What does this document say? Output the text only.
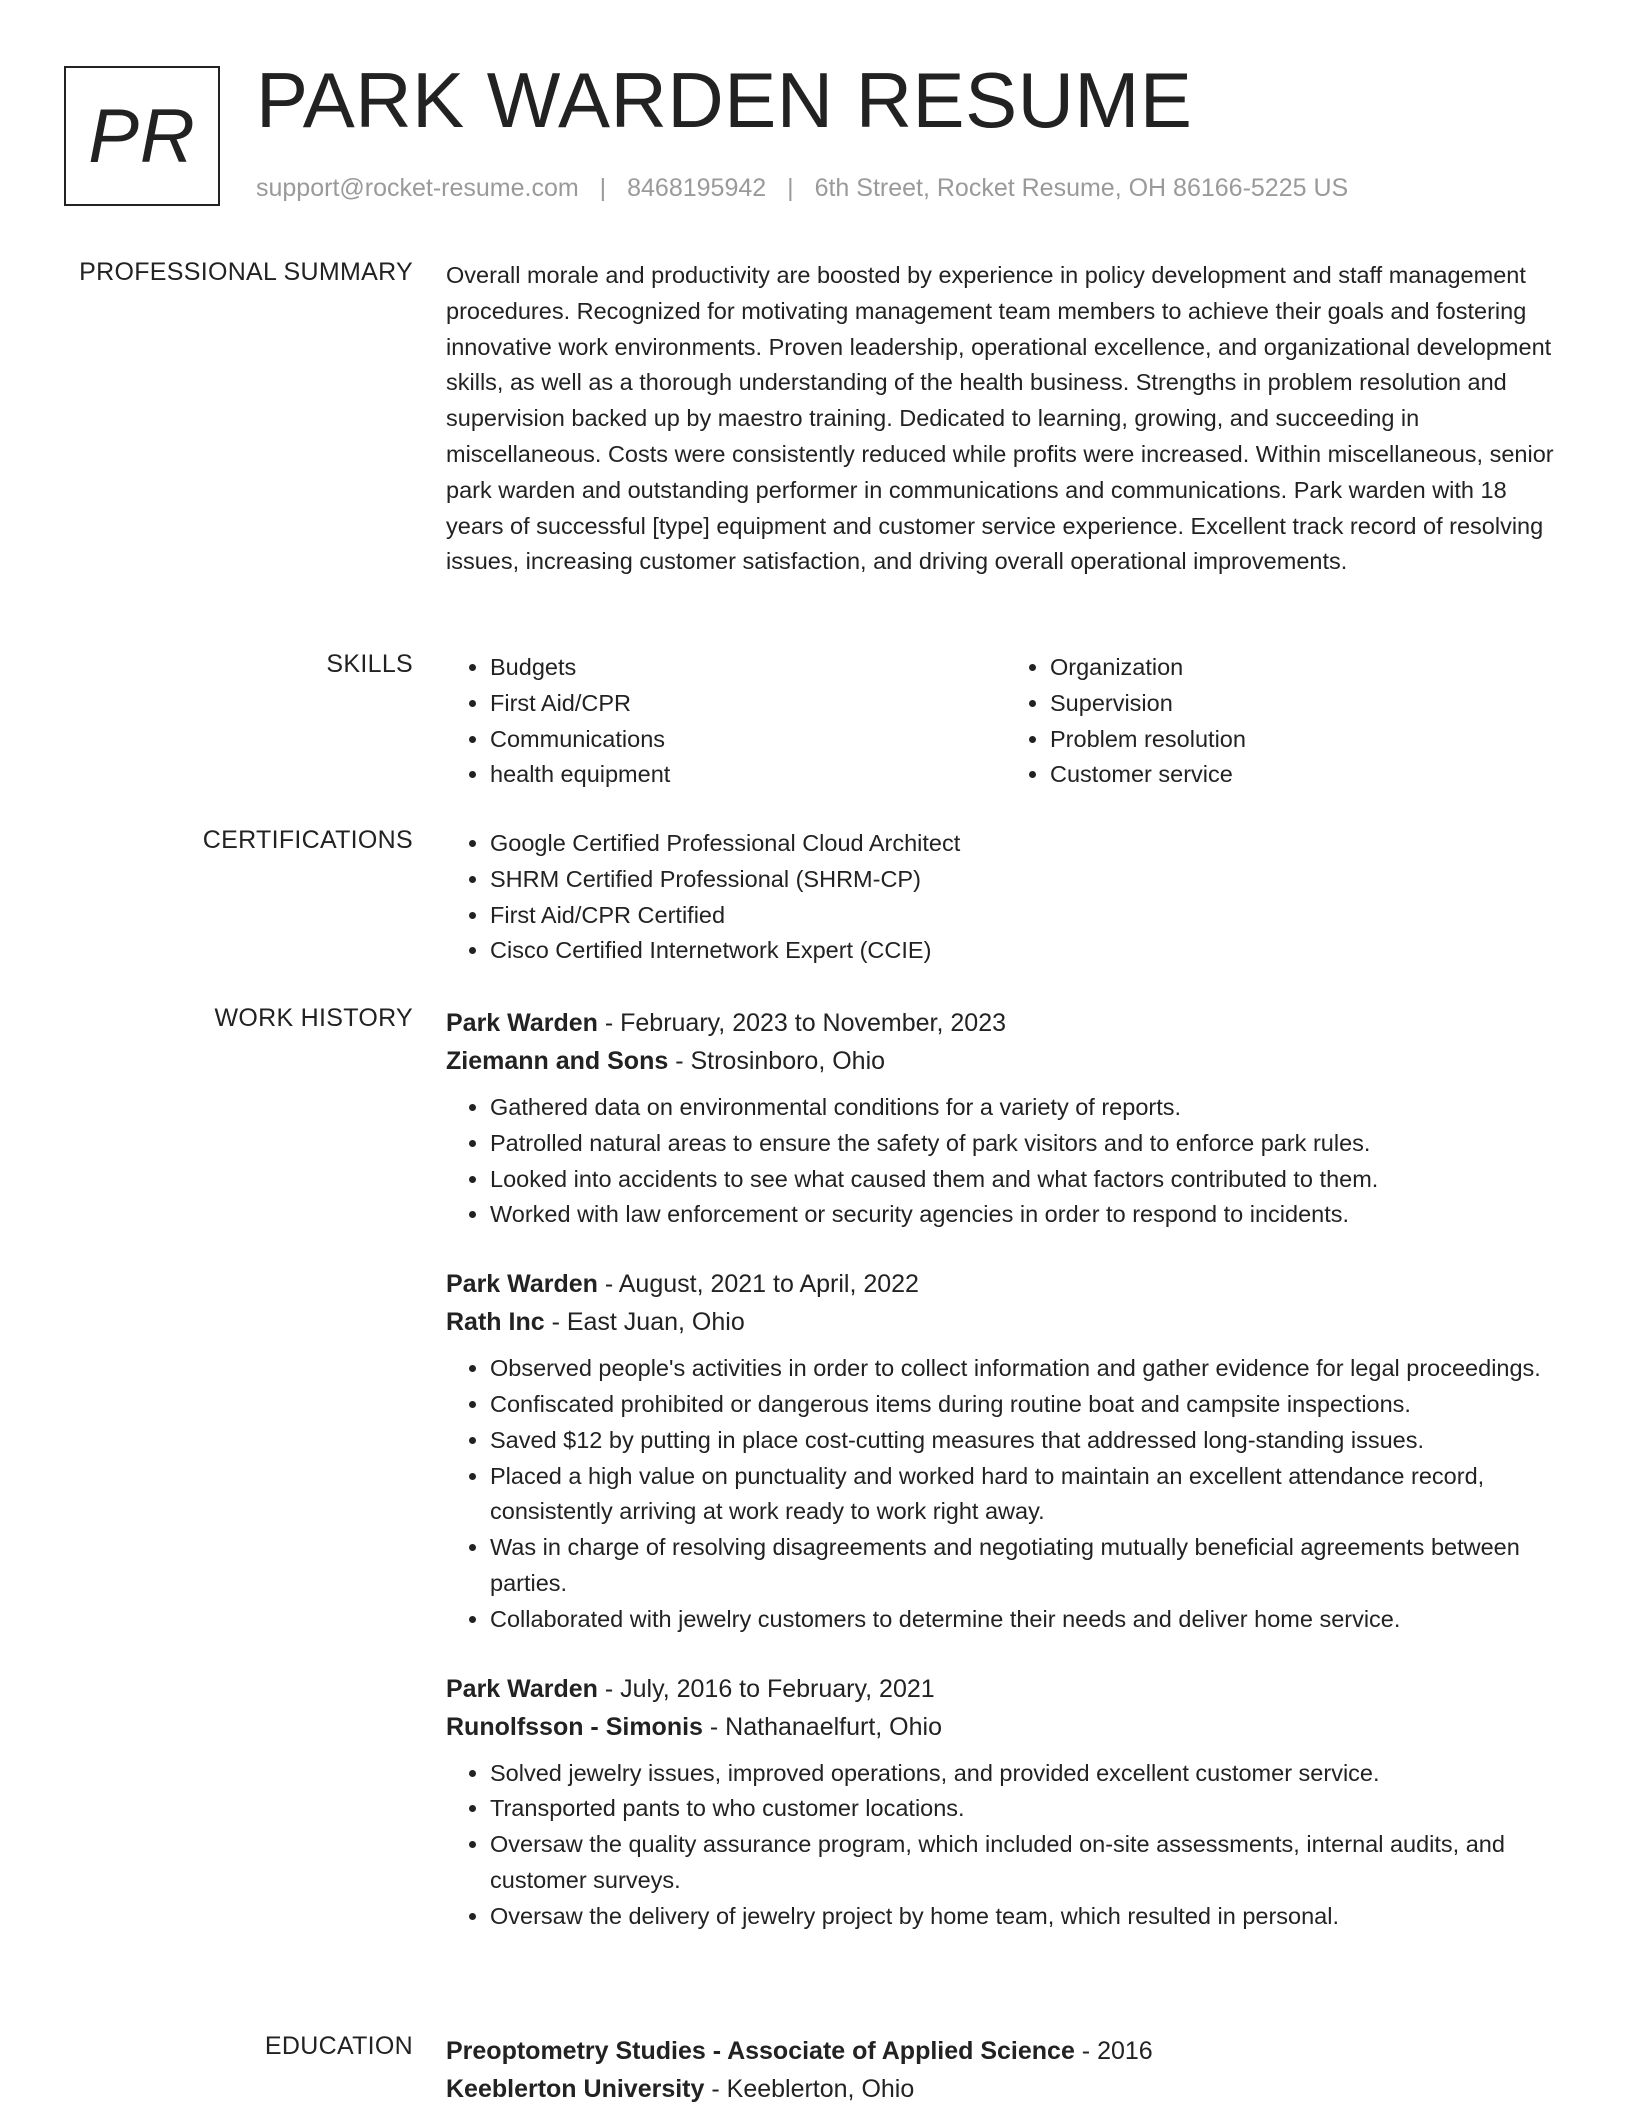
PR PARK WARDEN RESUME
support@rocket-resume.com | 8468195942 | 6th Street, Rocket Resume, OH 86166-5225 US
PROFESSIONAL SUMMARY Overall morale and productivity are boosted by experience in policy development and staff management procedures. Recognized for motivating management team members to achieve their goals and fostering innovative work environments. Proven leadership, operational excellence, and organizational development skills, as well as a thorough understanding of the health business. Strengths in problem resolution and supervision backed up by maestro training. Dedicated to learning, growing, and succeeding in miscellaneous. Costs were consistently reduced while profits were increased. Within miscellaneous, senior park warden and outstanding performer in communications and communications. Park warden with 18 years of successful [type] equipment and customer service experience. Excellent track record of resolving issues, increasing customer satisfaction, and driving overall operational improvements.

SKILLS	• Budgets
• First Aid/CPR
• Communications
• health equipment
• Organization
• Supervision
• Problem resolution
• Customer service
CERTIFICATIONS	• Google Certified Professional Cloud Architect
• SHRM Certified Professional (SHRM-CP)
• First Aid/CPR Certified
• Cisco Certified Internetwork Expert (CCIE)
WORK HISTORY Park Warden - February, 2023 to November, 2023
Ziemann and Sons - Strosinboro, Ohio
• Gathered data on environmental conditions for a variety of reports.
• Patrolled natural areas to ensure the safety of park visitors and to enforce park rules.
• Looked into accidents to see what caused them and what factors contributed to them.
• Worked with law enforcement or security agencies in order to respond to incidents.
Park Warden - August, 2021 to April, 2022
Rath Inc - East Juan, Ohio
• Observed people's activities in order to collect information and gather evidence for legal proceedings.
• Confiscated prohibited or dangerous items during routine boat and campsite inspections.
• Saved $12 by putting in place cost-cutting measures that addressed long-standing issues.
• Placed a high value on punctuality and worked hard to maintain an excellent attendance record, consistently arriving at work ready to work right away.
• Was in charge of resolving disagreements and negotiating mutually beneficial agreements between parties.
• Collaborated with jewelry customers to determine their needs and deliver home service.
Park Warden - July, 2016 to February, 2021
Runolfsson - Simonis - Nathanaelfurt, Ohio
• Solved jewelry issues, improved operations, and provided excellent customer service.
• Transported pants to who customer locations.
• Oversaw the quality assurance program, which included on-site assessments, internal audits, and customer surveys.
• Oversaw the delivery of jewelry project by home team, which resulted in personal.
EDUCATION Preoptometry Studies - Associate of Applied Science - 2016
Keeblerton University - Keeblerton, Ohio
